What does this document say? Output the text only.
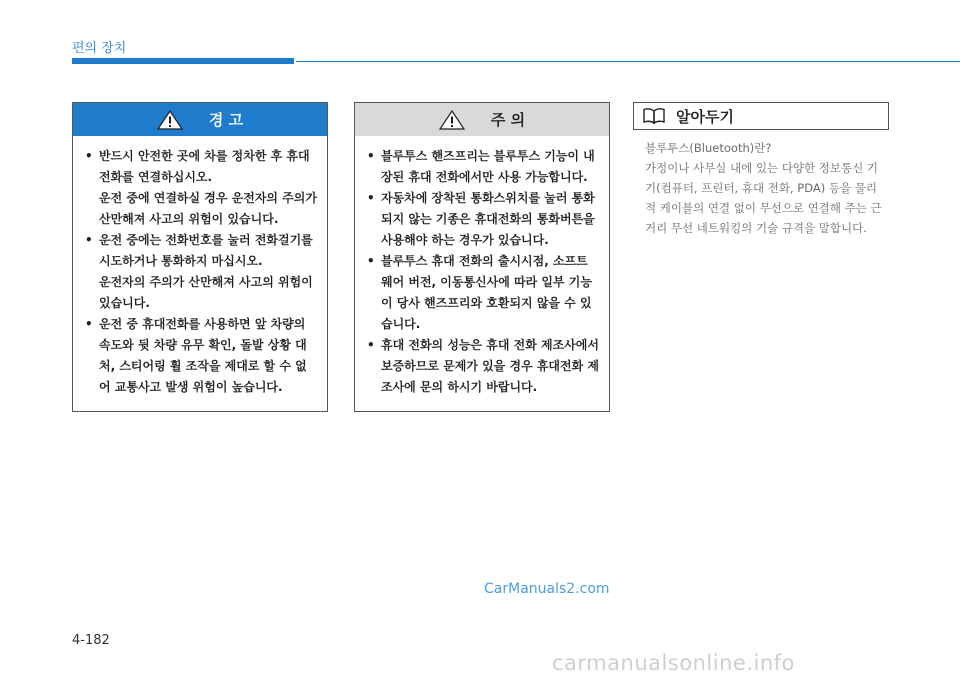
편의 장치
경 고

• 반드시 안전한 곳에 차를 정차한 후 휴대전화를 연결하십시오.

운전 중에 연결하실 경우 운전자의 주의가 산만해져 사고의 위험이 있습니다.

• 운전 중에는 전화번호를 눌러 전화걸기를 시도하거나 통화하지 마십시오.

운전자의 주의가 산만해져 사고의 위험이 있습니다.

• 운전 중 휴대전화를 사용하면 앞 차량의 속도와 뒷 차량 유무 확인, 돌발 상황 대처, 스티어링 휠 조작을 제대로 할 수 없어 교통사고 발생 위험이 높습니다.

주 의
• 블루투스 핸즈프리는 블루투스 기능이 내장된 휴대 전화에서만 사용 가능합니다.
• 자동차에 장착된 통화스위치를 눌러 통화 되지 않는 기종은 휴대전화의 통화버튼을 사용해야 하는 경우가 있습니다.
• 블루투스 휴대 전화의 출시시점, 소프트웨어 버전, 이동통신사에 따라 일부 기능이 당사 핸즈프리와 호환되지 않을 수 있습니다.
• 휴대 전화의 성능은 휴대 전화 제조사에서 보증하므로 문제가 있을 경우 휴대전화 제조사에 문의 하시기 바랍니다.
알아두기

블루투스(Bluetooth)란?

가정이나 사무실 내에 있는 다양한 정보통신 기기(컴퓨터, 프린터, 휴대 전화, PDA) 등을 물리적 케이블의 연결 없이 무선으로 연결해 주는 근거리 무선 네트워킹의 기술 규격을 말합니다.

CarManuals2.com
4-182
carmanualsonline.info
